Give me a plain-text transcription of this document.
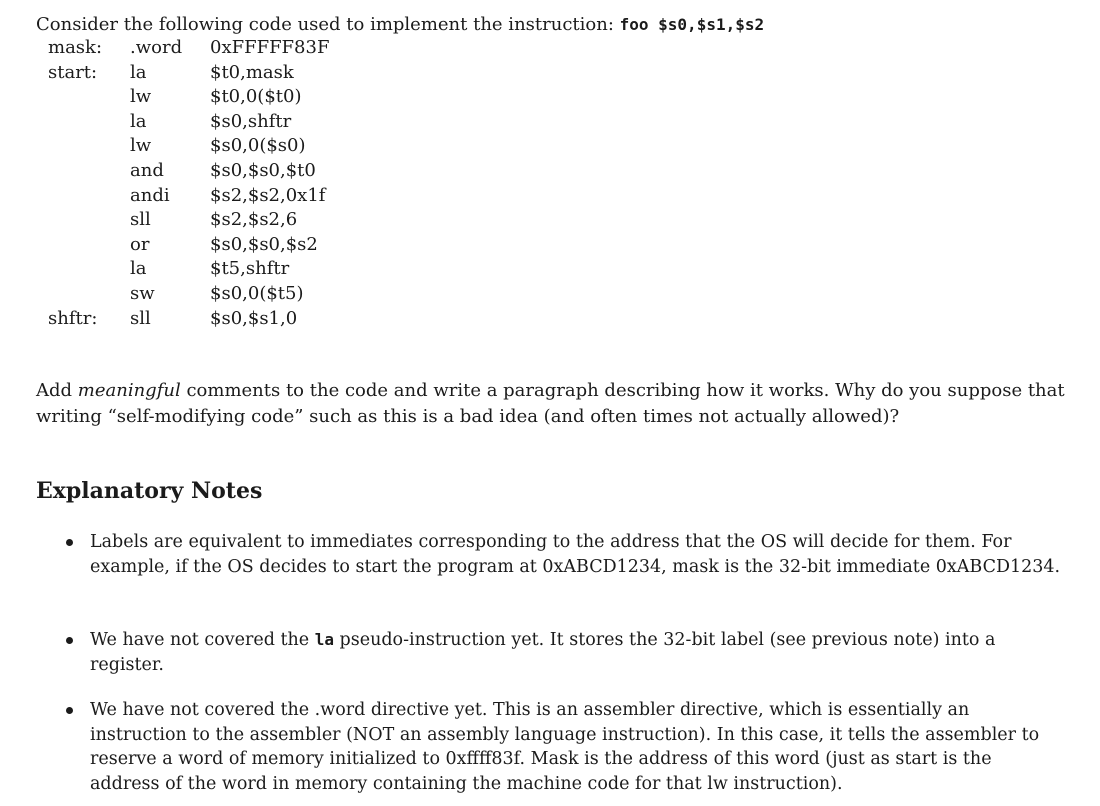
Consider the following code used to implement the instruction: foo $s0,$s1,$s2

mask:	.word	0xFFFFF83F
start:	la	$t0,mask
lw	$t0,0($t0)
la	$s0,shftr
lw	$s0,0($s0)
and	$s0,$s0,$t0
andi	$s2,$s2,0x1f
sll	$s2,$s2,6
or	$s0,$s0,$s2
la	$t5,shftr
sw	$s0,0($t5)
shftr:	sll	$s0,$s1,0

Add meaningful comments to the code and write a paragraph describing how it works. Why do you suppose that writing “self-modifying code” such as this is a bad idea (and often times not actually allowed)?

Explanatory Notes
Labels are equivalent to immediates corresponding to the address that the OS will decide for them. For example, if the OS decides to start the program at 0xABCD1234, mask is the 32-bit immediate 0xABCD1234.
We have not covered the la pseudo-instruction yet. It stores the 32-bit label (see previous note) into a register.
We have not covered the .word directive yet. This is an assembler directive, which is essentially an instruction to the assembler (NOT an assembly language instruction). In this case, it tells the assembler to reserve a word of memory initialized to 0xffff83f. Mask is the address of this word (just as start is the address of the word in memory containing the machine code for that lw instruction).
